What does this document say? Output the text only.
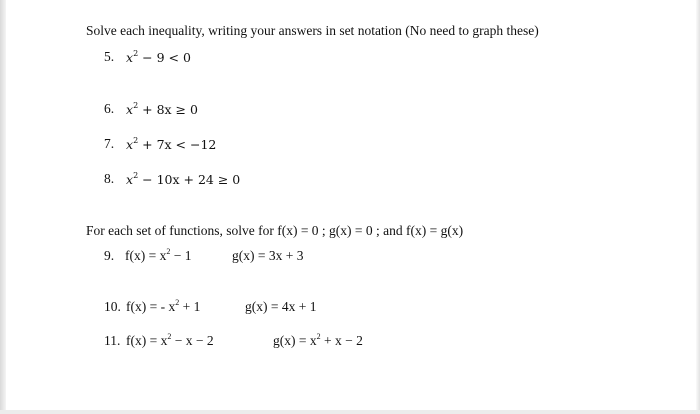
Solve each inequality, writing your answers in set notation (No need to graph these)
5. $x^2 - 9 < 0$
6. $x^2 + 8x \ge 0$
7. $x^2 + 7x < -12$
8. $x^2 - 10x + 24 \ge 0$
For each set of functions, solve for f(x) = 0 ; g(x) = 0 ; and f(x) = g(x)
9. $f(x) = x^2 - 1$	g(x) = 3x + 3
10. f(x) = - $x^2 + 1$	g(x) = 4x + 1
11. $f(x) = x^2 - x - 2$	$g(x) = x^2 + x - 2$
